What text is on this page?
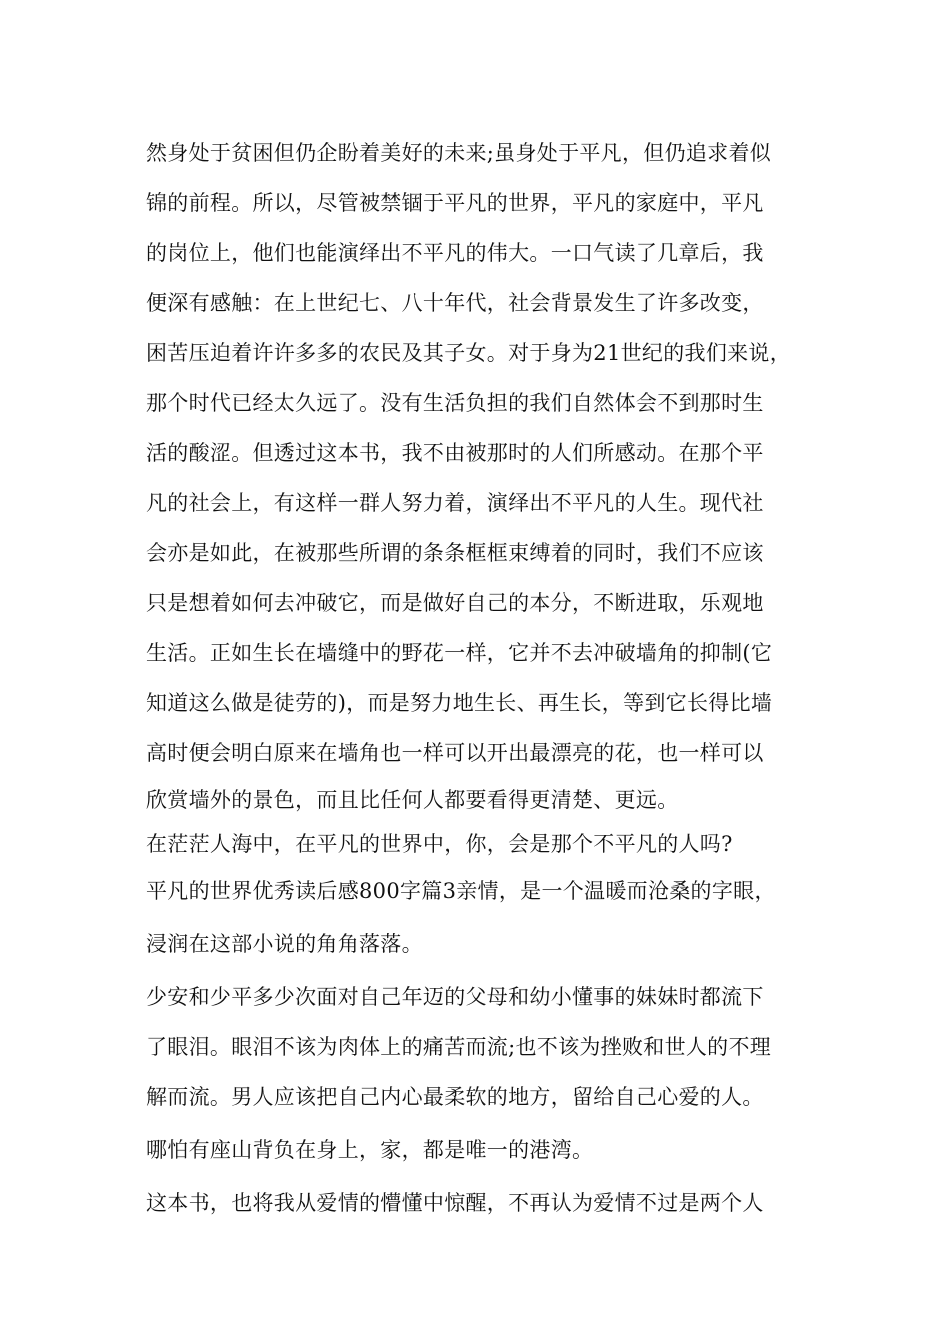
然身处于贫困但仍企盼着美好的未来;虽身处于平凡，但仍追求着似
锦的前程。所以，尽管被禁锢于平凡的世界，平凡的家庭中，平凡
的岗位上，他们也能演绎出不平凡的伟大。一口气读了几章后，我
便深有感触：在上世纪七、八十年代，社会背景发生了许多改变，
困苦压迫着许许多多的农民及其子女。对于身为21世纪的我们来说，
那个时代已经太久远了。没有生活负担的我们自然体会不到那时生
活的酸涩。但透过这本书，我不由被那时的人们所感动。在那个平
凡的社会上，有这样一群人努力着，演绎出不平凡的人生。现代社
会亦是如此，在被那些所谓的条条框框束缚着的同时，我们不应该
只是想着如何去冲破它，而是做好自己的本分，不断进取，乐观地
生活。正如生长在墙缝中的野花一样，它并不去冲破墙角的抑制(它
知道这么做是徒劳的)，而是努力地生长、再生长，等到它长得比墙
高时便会明白原来在墙角也一样可以开出最漂亮的花，也一样可以
欣赏墙外的景色，而且比任何人都要看得更清楚、更远。
在茫茫人海中，在平凡的世界中，你，会是那个不平凡的人吗?
平凡的世界优秀读后感800字篇3亲情，是一个温暖而沧桑的字眼，
浸润在这部小说的角角落落。
少安和少平多少次面对自己年迈的父母和幼小懂事的妹妹时都流下
了眼泪。眼泪不该为肉体上的痛苦而流;也不该为挫败和世人的不理
解而流。男人应该把自己内心最柔软的地方，留给自己心爱的人。
哪怕有座山背负在身上，家，都是唯一的港湾。
这本书，也将我从爱情的懵懂中惊醒，不再认为爱情不过是两个人
